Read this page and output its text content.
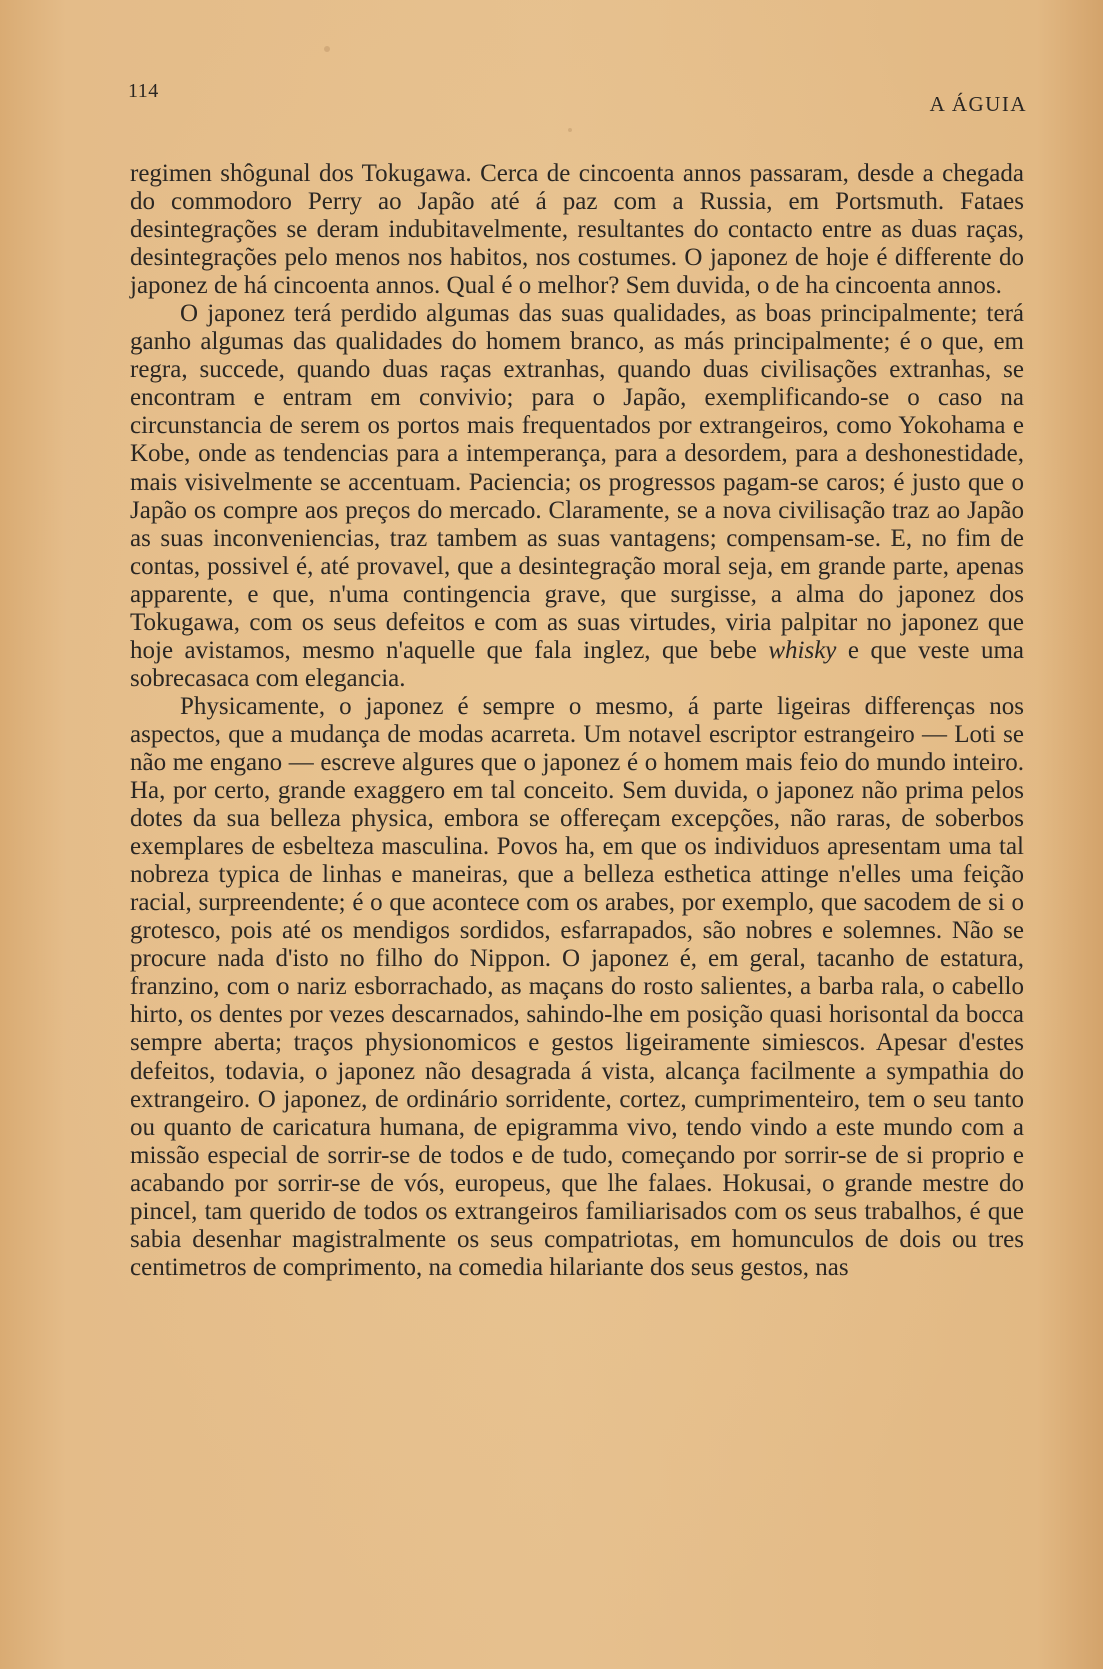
114
A ÁGUIA

regimen shôgunal dos Tokugawa. Cerca de cincoenta annos passaram, desde a chegada do commodoro Perry ao Japão até á paz com a Russia, em Portsmuth. Fataes desintegrações se deram indubitavelmente, resultantes do contacto entre as duas raças, desintegrações pelo menos nos habitos, nos costumes. O japonez de hoje é differente do japonez de há cincoenta annos. Qual é o melhor? Sem duvida, o de ha cincoenta annos.

O japonez terá perdido algumas das suas qualidades, as boas principalmente; terá ganho algumas das qualidades do homem branco, as más principalmente; é o que, em regra, succede, quando duas raças extranhas, quando duas civilisações extranhas, se encontram e entram em convivio; para o Japão, exemplificando-se o caso na circunstancia de serem os portos mais frequentados por extrangeiros, como Yokohama e Kobe, onde as tendencias para a intemperança, para a desordem, para a deshonestidade, mais visivelmente se accentuam. Paciencia; os progressos pagam-se caros; é justo que o Japão os compre aos preços do mercado. Claramente, se a nova civilisação traz ao Japão as suas inconveniencias, traz tambem as suas vantagens; compensam-se. E, no fim de contas, possivel é, até provavel, que a desintegração moral seja, em grande parte, apenas apparente, e que, n'uma contingencia grave, que surgisse, a alma do japonez dos Tokugawa, com os seus defeitos e com as suas virtudes, viria palpitar no japonez que hoje avistamos, mesmo n'aquelle que fala inglez, que bebe whisky e que veste uma sobrecasaca com elegancia.

Physicamente, o japonez é sempre o mesmo, á parte ligeiras differenças nos aspectos, que a mudança de modas acarreta. Um notavel escriptor estrangeiro — Loti se não me engano — escreve algures que o japonez é o homem mais feio do mundo inteiro. Ha, por certo, grande exaggero em tal conceito. Sem duvida, o japonez não prima pelos dotes da sua belleza physica, embora se offereçam excepções, não raras, de soberbos exemplares de esbelteza masculina. Povos ha, em que os individuos apresentam uma tal nobreza typica de linhas e maneiras, que a belleza esthetica attinge n'elles uma feição racial, surpreendente; é o que acontece com os arabes, por exemplo, que sacodem de si o grotesco, pois até os mendigos sordidos, esfarrapados, são nobres e solemnes. Não se procure nada d'isto no filho do Nippon. O japonez é, em geral, tacanho de estatura, franzino, com o nariz esborrachado, as maçans do rosto salientes, a barba rala, o cabello hirto, os dentes por vezes descarnados, sahindo-lhe em posição quasi horisontal da bocca sempre aberta; traços physionomicos e gestos ligeiramente simiescos. Apesar d'estes defeitos, todavia, o japonez não desagrada á vista, alcança facilmente a sympathia do extrangeiro. O japonez, de ordinário sorridente, cortez, cumprimenteiro, tem o seu tanto ou quanto de caricatura humana, de epigramma vivo, tendo vindo a este mundo com a missão especial de sorrir-se de todos e de tudo, começando por sorrir-se de si proprio e acabando por sorrir-se de vós, europeus, que lhe falaes. Hokusai, o grande mestre do pincel, tam querido de todos os extrangeiros familiarisados com os seus trabalhos, é que sabia desenhar magistralmente os seus compatriotas, em homunculos de dois ou tres centimetros de comprimento, na comedia hilariante dos seus gestos, nas
